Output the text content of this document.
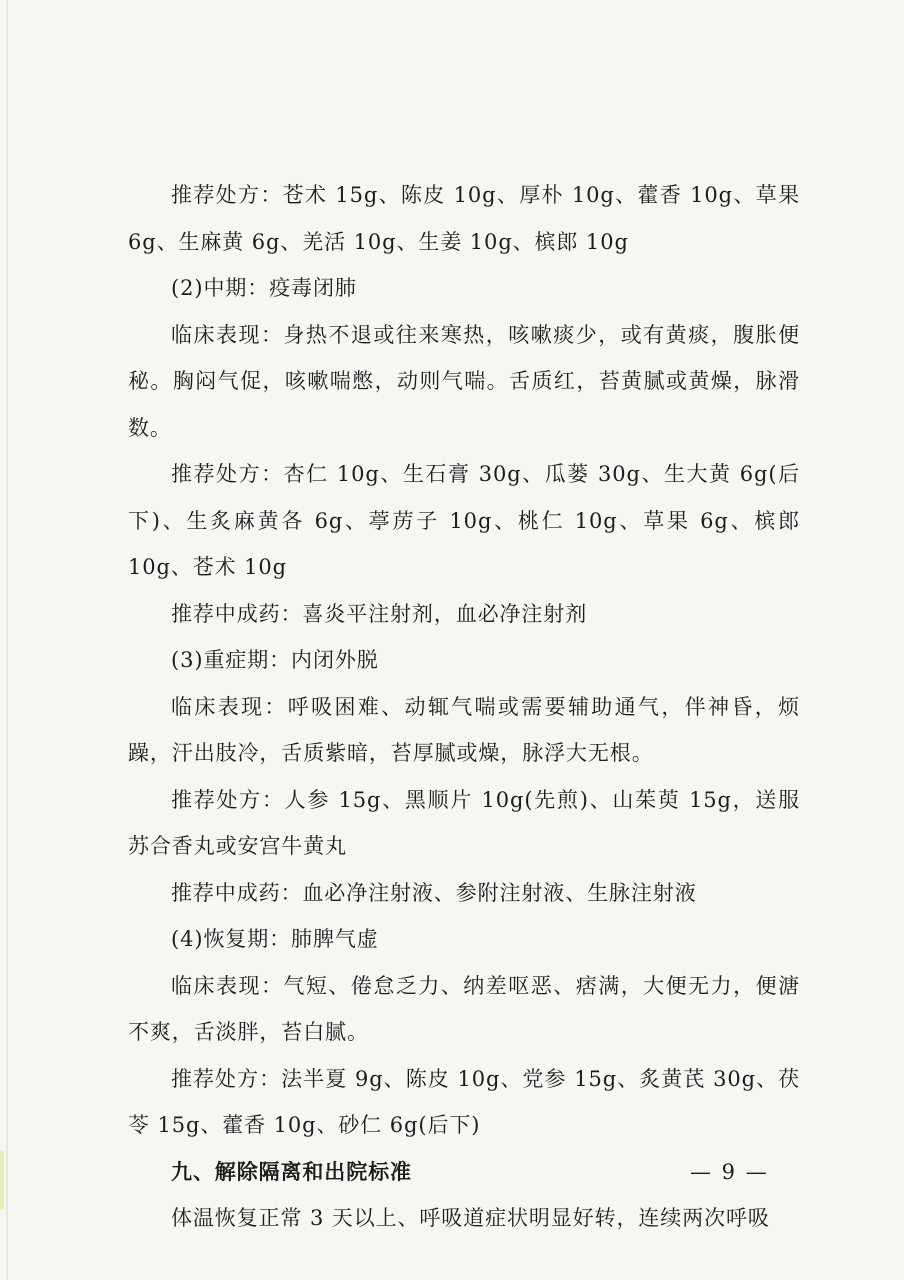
推荐处方：苍术 15g、陈皮 10g、厚朴 10g、藿香 10g、草果 6g、生麻黄 6g、羌活 10g、生姜 10g、槟郎 10g

(2)中期：疫毒闭肺

临床表现：身热不退或往来寒热，咳嗽痰少，或有黄痰，腹胀便秘。胸闷气促，咳嗽喘憋，动则气喘。舌质红，苔黄腻或黄燥，脉滑数。

推荐处方：杏仁 10g、生石膏 30g、瓜蒌 30g、生大黄 6g(后下)、生炙麻黄各 6g、葶苈子 10g、桃仁 10g、草果 6g、槟郎 10g、苍术 10g

推荐中成药：喜炎平注射剂，血必净注射剂

(3)重症期：内闭外脱

临床表现：呼吸困难、动辄气喘或需要辅助通气，伴神昏，烦躁，汗出肢冷，舌质紫暗，苔厚腻或燥，脉浮大无根。

推荐处方：人参 15g、黑顺片 10g(先煎)、山茱萸 15g，送服苏合香丸或安宫牛黄丸

推荐中成药：血必净注射液、参附注射液、生脉注射液

(4)恢复期：肺脾气虚

临床表现：气短、倦怠乏力、纳差呕恶、痞满，大便无力，便溏不爽，舌淡胖，苔白腻。

推荐处方：法半夏 9g、陈皮 10g、党参 15g、炙黄芪 30g、茯苓 15g、藿香 10g、砂仁 6g(后下)

九、解除隔离和出院标准

体温恢复正常 3 天以上、呼吸道症状明显好转，连续两次呼吸

— 9 —
